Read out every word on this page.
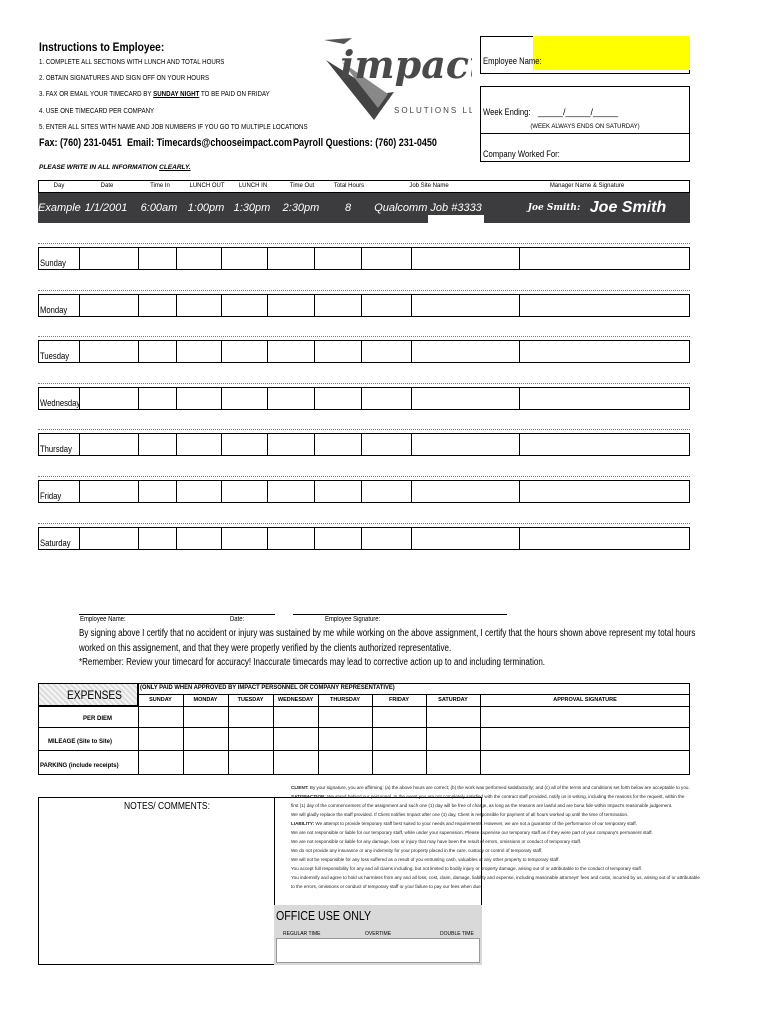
Instructions to Employee:
1. COMPLETE ALL SECTIONS WITH LUNCH AND TOTAL HOURS
2. OBTAIN SIGNATURES AND SIGN OFF ON YOUR HOURS
3. FAX OR EMAIL YOUR TIMECARD BY SUNDAY NIGHT TO BE PAID ON FRIDAY
4. USE ONE TIMECARD PER COMPANY
5. ENTER ALL SITES WITH NAME AND JOB NUMBERS IF YOU GO TO MULTIPLE LOCATIONS
Fax: (760) 231-0451 Email: Timecards@chooseimpact.com Payroll Questions: (760) 231-0450
PLEASE WRITE IN ALL INFORMATION CLEARLY.
impac
SOLUTIONS L
Employee Name:
Week Ending: _____/_____/_____
(WEEK ALWAYS ENDS ON SATURDAY)
Company Worked For:
Day	Date	Time In	LUNCH OUT	LUNCH IN	Time Out	Total Hours	Job Site Name	Manager Name & Signature
Example 1/1/2001	6:00am 1:00pm 1:30pm	2:30pm	8	Qualcomm Job #3333	Joe Smith: Joe Smith
Sunday
Monday
Tuesday
Wednesday
Thursday
Friday
Saturday
Employee Name:	Date:	Employee Signature:
By signing above I certify that no accident or injury was sustained by me while working on the above assignment, I certify that the hours shown above represent my total hours
worked on this assignement, and that they were properly verified by the clients authorized representative.
*Remember: Review your timecard for accuracy! Inaccurate timecards may lead to corrective action up to and including termination.
EXPENSES
(ONLY PAID WHEN APPROVED BY IMPACT PERSONNEL OR COMPANY REPRESENTATIVE)
SUNDAY	MONDAY	TUESDAY	WEDNESDAY	THURSDAY	FRIDAY	SATURDAY	APPROVAL SIGNATURE
PER DIEM
MILEAGE (Site to Site)
PARKING (include receipts)
NOTES/ COMMENTS:
CLIENT: By your signature, you are affirming: (a) the above hours are correct; (b) the work was performed satisfactorily; and (c) all of the terms and conditions set forth below are acceptable to you.
SATISFACTION: We stand behind our personnel. In the event you are not completely satisfied with the contract staff provided, notify us in writing, including the reasons for the request, within the
first (1) day of the commencement of the assignment and such one (1) day will be free of charge, as long as the reasons are lawful and are bona fide within Impact's reasonable judgement.
We will gladly replace the staff provided. If Client notifies Impact after one (1) day, Client is responsible for payment of all hours worked up until the time of termination.
LIABILITY: We attempt to provide temporary staff best suited to your needs and requirements. However, we are not a guarantor of the performance of our temporary staff.
We are not responsible or liable for our temporary staff, while under your supervision. Please supervise our temporary staff as if they were part of your company's permanent staff.
We are not responsible or liable for any damage, loss or injury that may have been the result of errors, omissions or conduct of temporary staff.
We do not provide any insurance or any indemnity for your property placed in the care, custody or control of temporary staff.
We will not be responsible for any loss suffered as a result of you entrusting cash, valuables or any other property to temporary staff.
You accept full responsibility for any and all claims including, but not limited to bodily injury or property damage, arising out of or attributable to the conduct of temporary staff.
You indemnify and agree to hold us harmless from any and all loss, cost, claim, damage, liability and expense, including reasonable attorneys' fees and costs, incurred by us, arising out of or attributable
to the errors, omissions or conduct of temporary staff or your failure to pay our fees when due.
OFFICE USE ONLY
REGULAR TIME	OVERTIME	DOUBLE TIME
